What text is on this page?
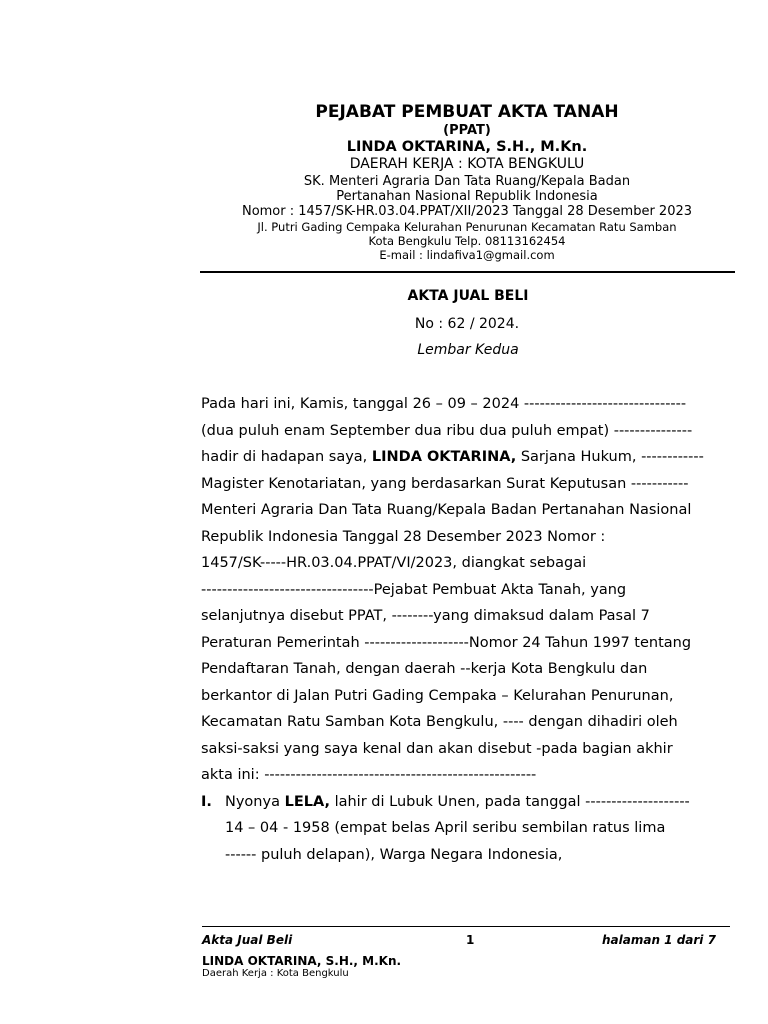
PEJABAT PEMBUAT AKTA TANAH
(PPAT)
LINDA OKTARINA, S.H., M.Kn.
DAERAH KERJA : KOTA BENGKULU
SK. Menteri Agraria Dan Tata Ruang/Kepala Badan
Pertanahan Nasional Republik Indonesia
Nomor : 1457/SK-HR.03.04.PPAT/XII/2023 Tanggal 28 Desember 2023
Jl. Putri Gading Cempaka Kelurahan Penurunan Kecamatan Ratu Samban
Kota Bengkulu Telp. 08113162454
E-mail : lindafiva1@gmail.com
AKTA JUAL BELI
No : 62 / 2024.
Lembar Kedua
Pada hari ini, Kamis, tanggal 26 – 09 – 2024 -------------------------------
(dua puluh enam September dua ribu dua puluh empat) ---------------
hadir di hadapan saya, LINDA OKTARINA, Sarjana Hukum, ------------
Magister Kenotariatan, yang berdasarkan Surat Keputusan -----------
Menteri Agraria Dan Tata Ruang/Kepala Badan Pertanahan Nasional
Republik Indonesia Tanggal 28 Desember 2023 Nomor :
1457/SK-----HR.03.04.PPAT/VI/2023, diangkat sebagai
---------------------------------Pejabat Pembuat Akta Tanah, yang
selanjutnya disebut PPAT, --------yang dimaksud dalam Pasal 7
Peraturan Pemerintah --------------------Nomor 24 Tahun 1997 tentang
Pendaftaran Tanah, dengan daerah --kerja Kota Bengkulu dan
berkantor di Jalan Putri Gading Cempaka – Kelurahan Penurunan,
Kecamatan Ratu Samban Kota Bengkulu, ---- dengan dihadiri oleh
saksi-saksi yang saya kenal dan akan disebut -pada bagian akhir
akta ini: ----------------------------------------------------
I. Nyonya LELA, lahir di Lubuk Unen, pada tanggal --------------------
14 – 04 - 1958 (empat belas April seribu sembilan ratus lima
------ puluh delapan), Warga Negara Indonesia,
Akta Jual Beli	1	halaman 1 dari 7
LINDA OKTARINA, S.H., M.Kn.
Daerah Kerja : Kota Bengkulu
